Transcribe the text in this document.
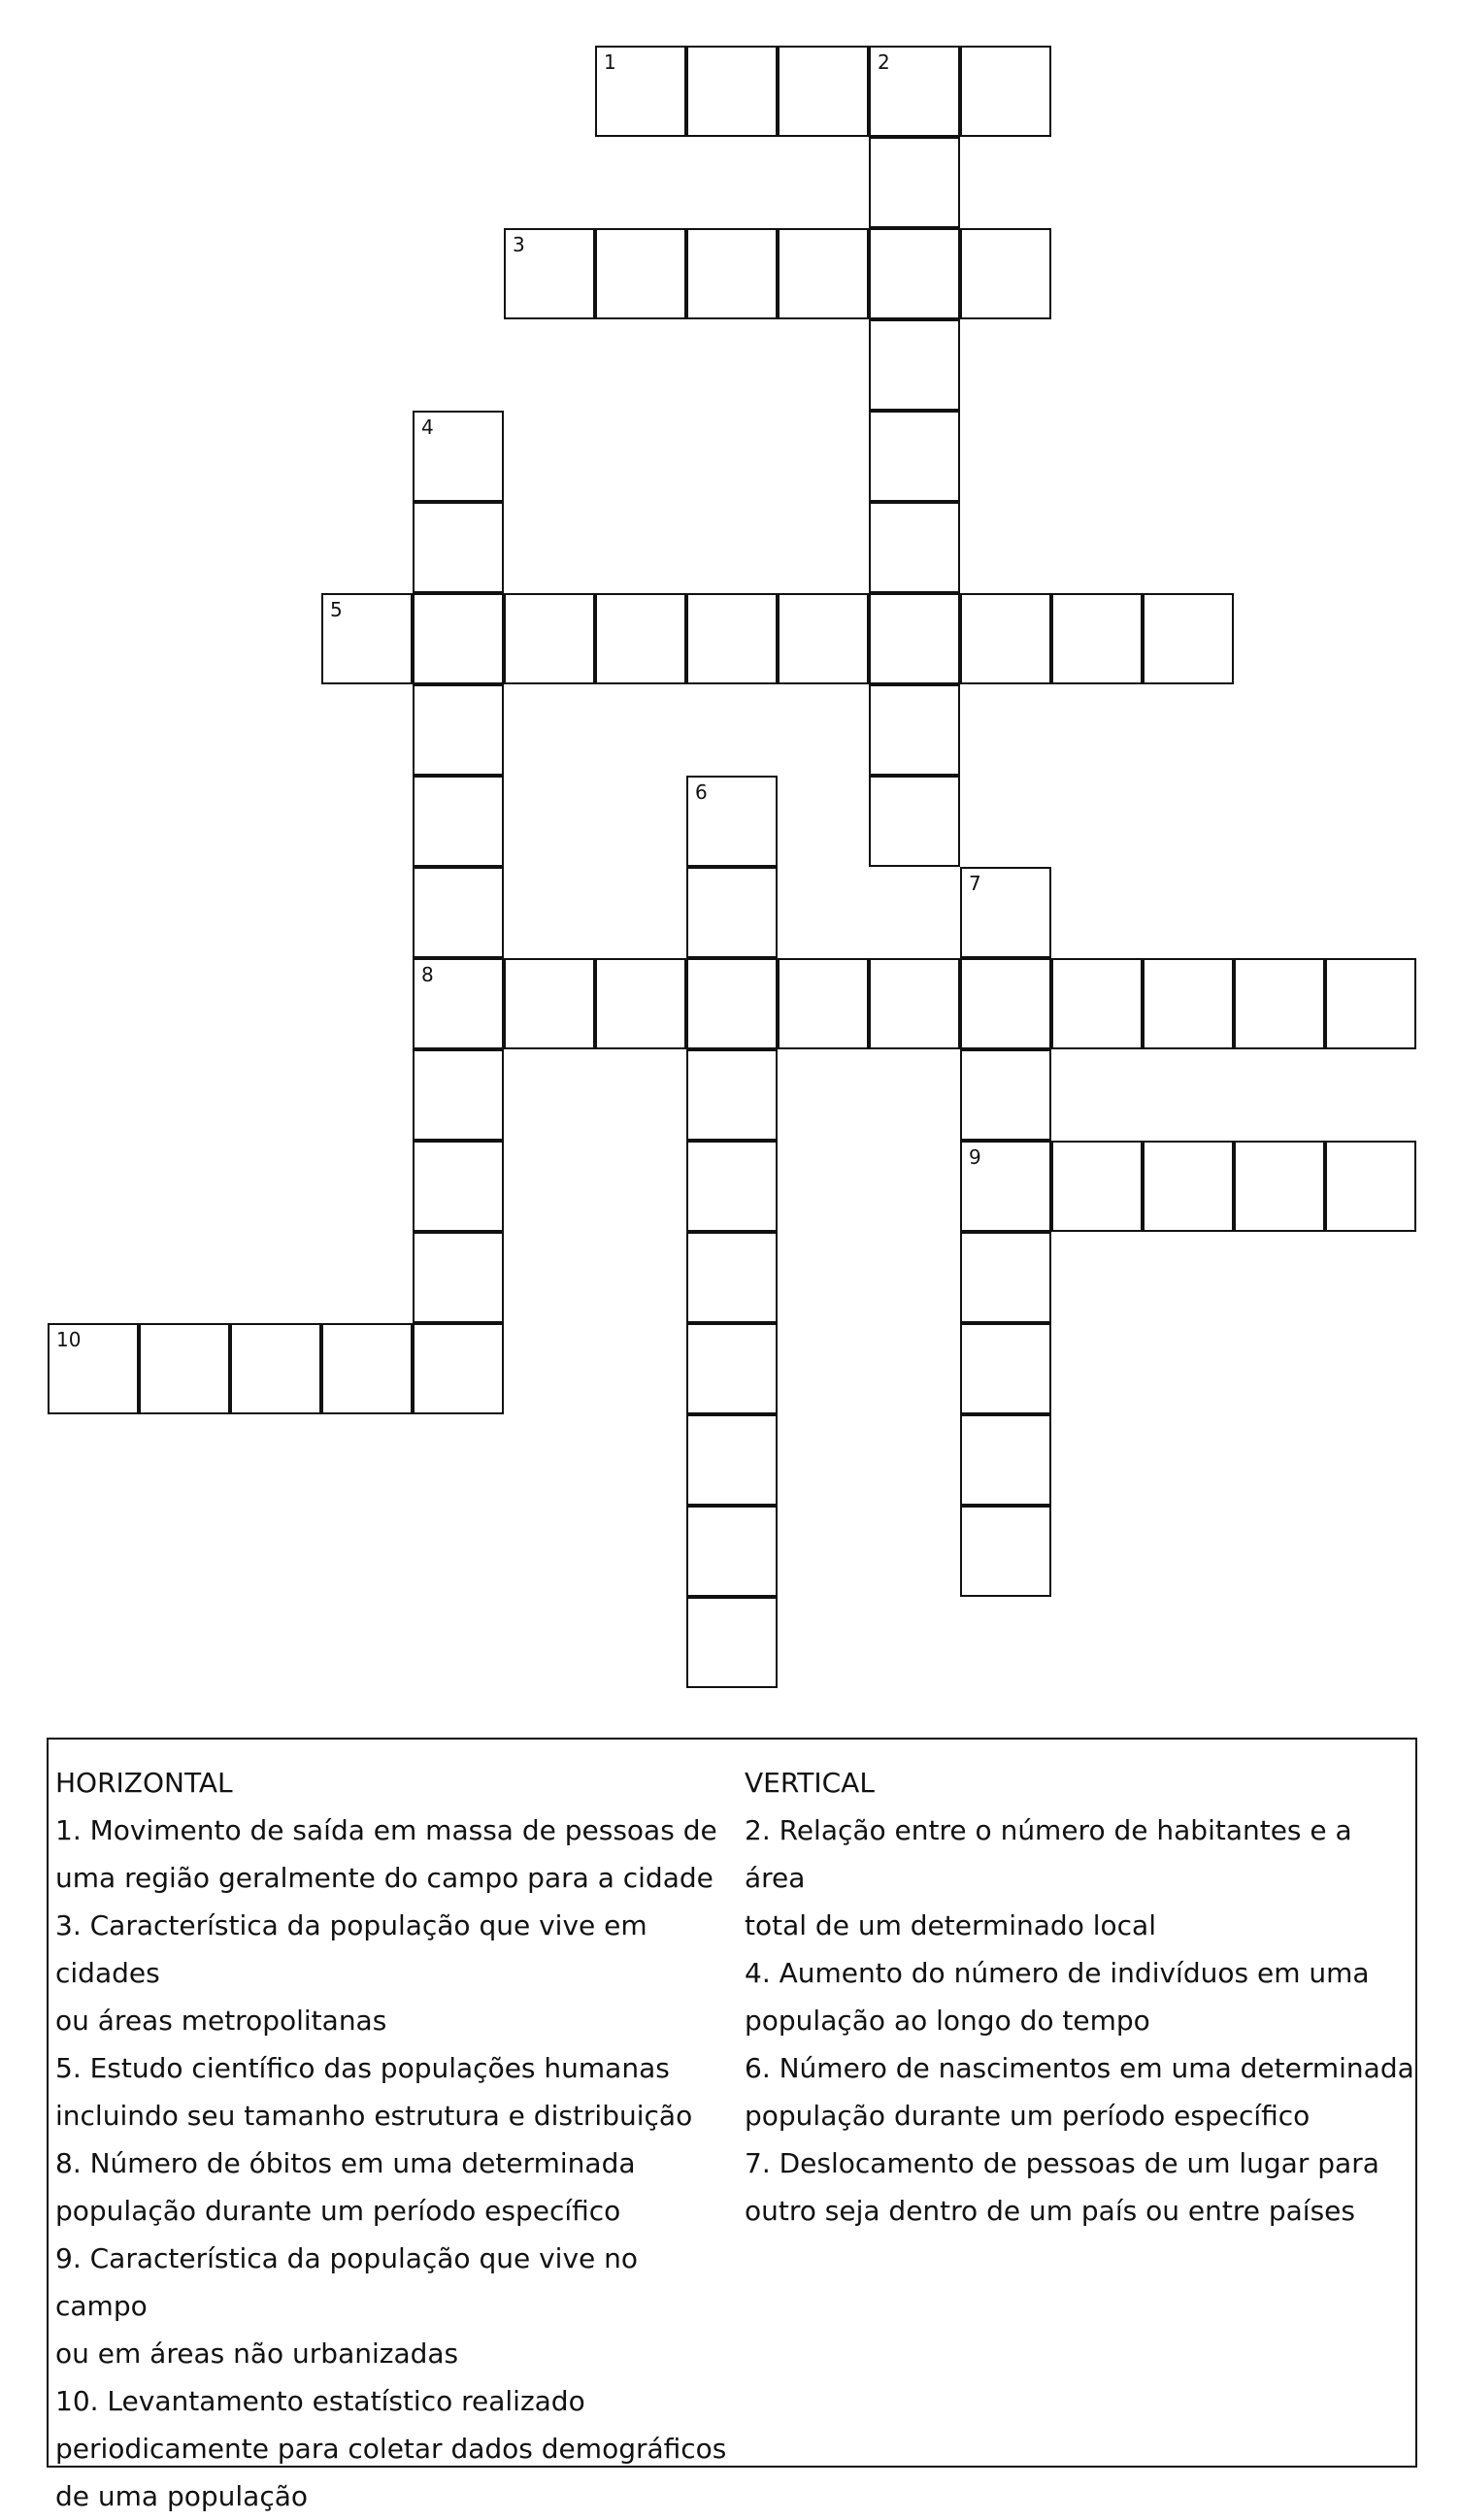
1	2
3
4
8
5
6
7
9
10
HORIZONTAL
1. Movimento de saída em massa de pessoas de
uma região geralmente do campo para a cidade
3. Característica da população que vive em cidades
ou áreas metropolitanas
5. Estudo científico das populações humanas
incluindo seu tamanho estrutura e distribuição
8. Número de óbitos em uma determinada
população durante um período específico
9. Característica da população que vive no campo
ou em áreas não urbanizadas
10. Levantamento estatístico realizado
periodicamente para coletar dados demográficos
de uma população
VERTICAL
2. Relação entre o número de habitantes e a área
total de um determinado local
4. Aumento do número de indivíduos em uma
população ao longo do tempo
6. Número de nascimentos em uma determinada
população durante um período específico
7. Deslocamento de pessoas de um lugar para
outro seja dentro de um país ou entre países
